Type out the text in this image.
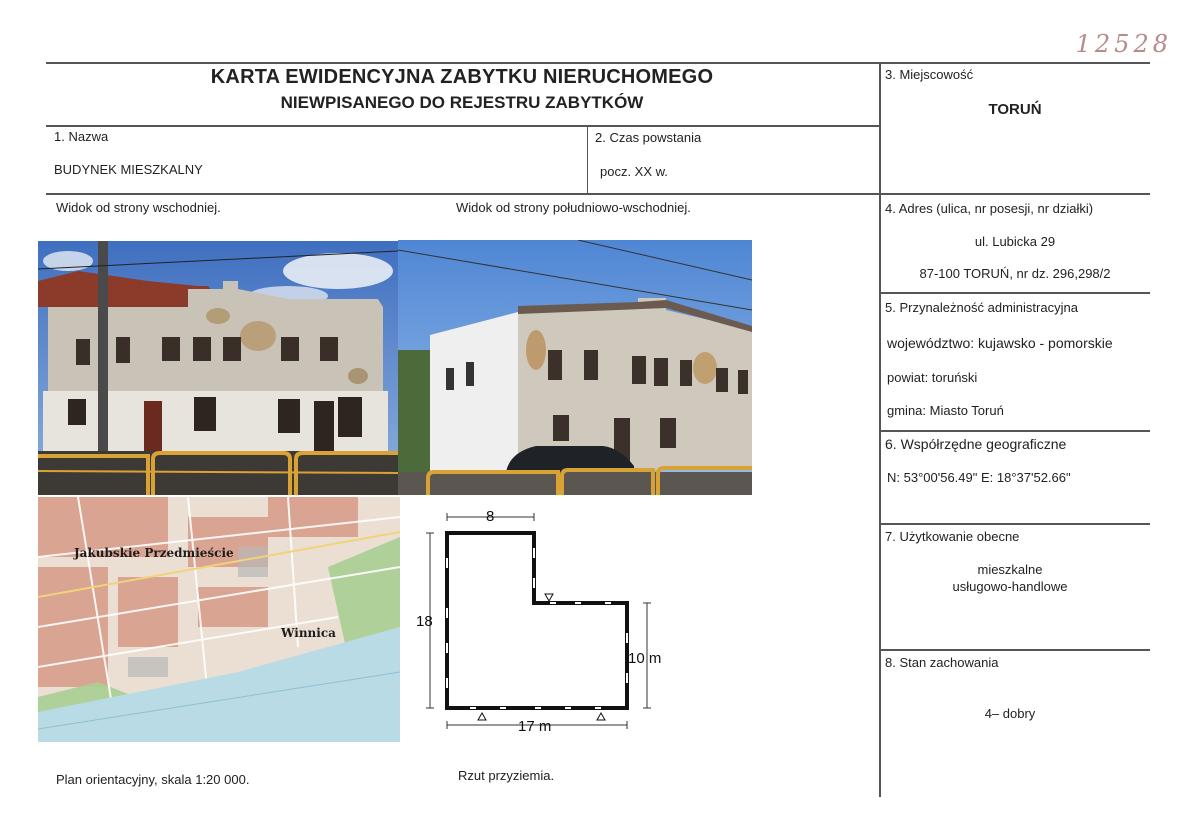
12528
KARTA EWIDENCYJNA ZABYTKU NIERUCHOMEGO
NIEWPISANEGO DO REJESTRU ZABYTKÓW
1. Nazwa
BUDYNEK MIESZKALNY
2. Czas powstania
pocz. XX w.
3. Miejscowość
TORUŃ
4. Adres (ulica, nr posesji, nr działki)
ul. Lubicka 29
87-100 TORUŃ, nr dz. 296,298/2
5. Przynależność administracyjna
województwo: kujawsko - pomorskie
powiat: toruński
gmina: Miasto Toruń
6. Współrzędne geograficzne
N: 53°00'56.49" E: 18°37'52.66"
7. Użytkowanie obecne
mieszkalne
usługowo-handlowe
8. Stan zachowania
4– dobry
Widok od strony wschodniej.	Widok od strony południowo-wschodniej.
Jakubskie Przedmieście
Winnica
8
18
10 m
17 m
Plan orientacyjny, skala 1:20 000.	Rzut przyziemia.
